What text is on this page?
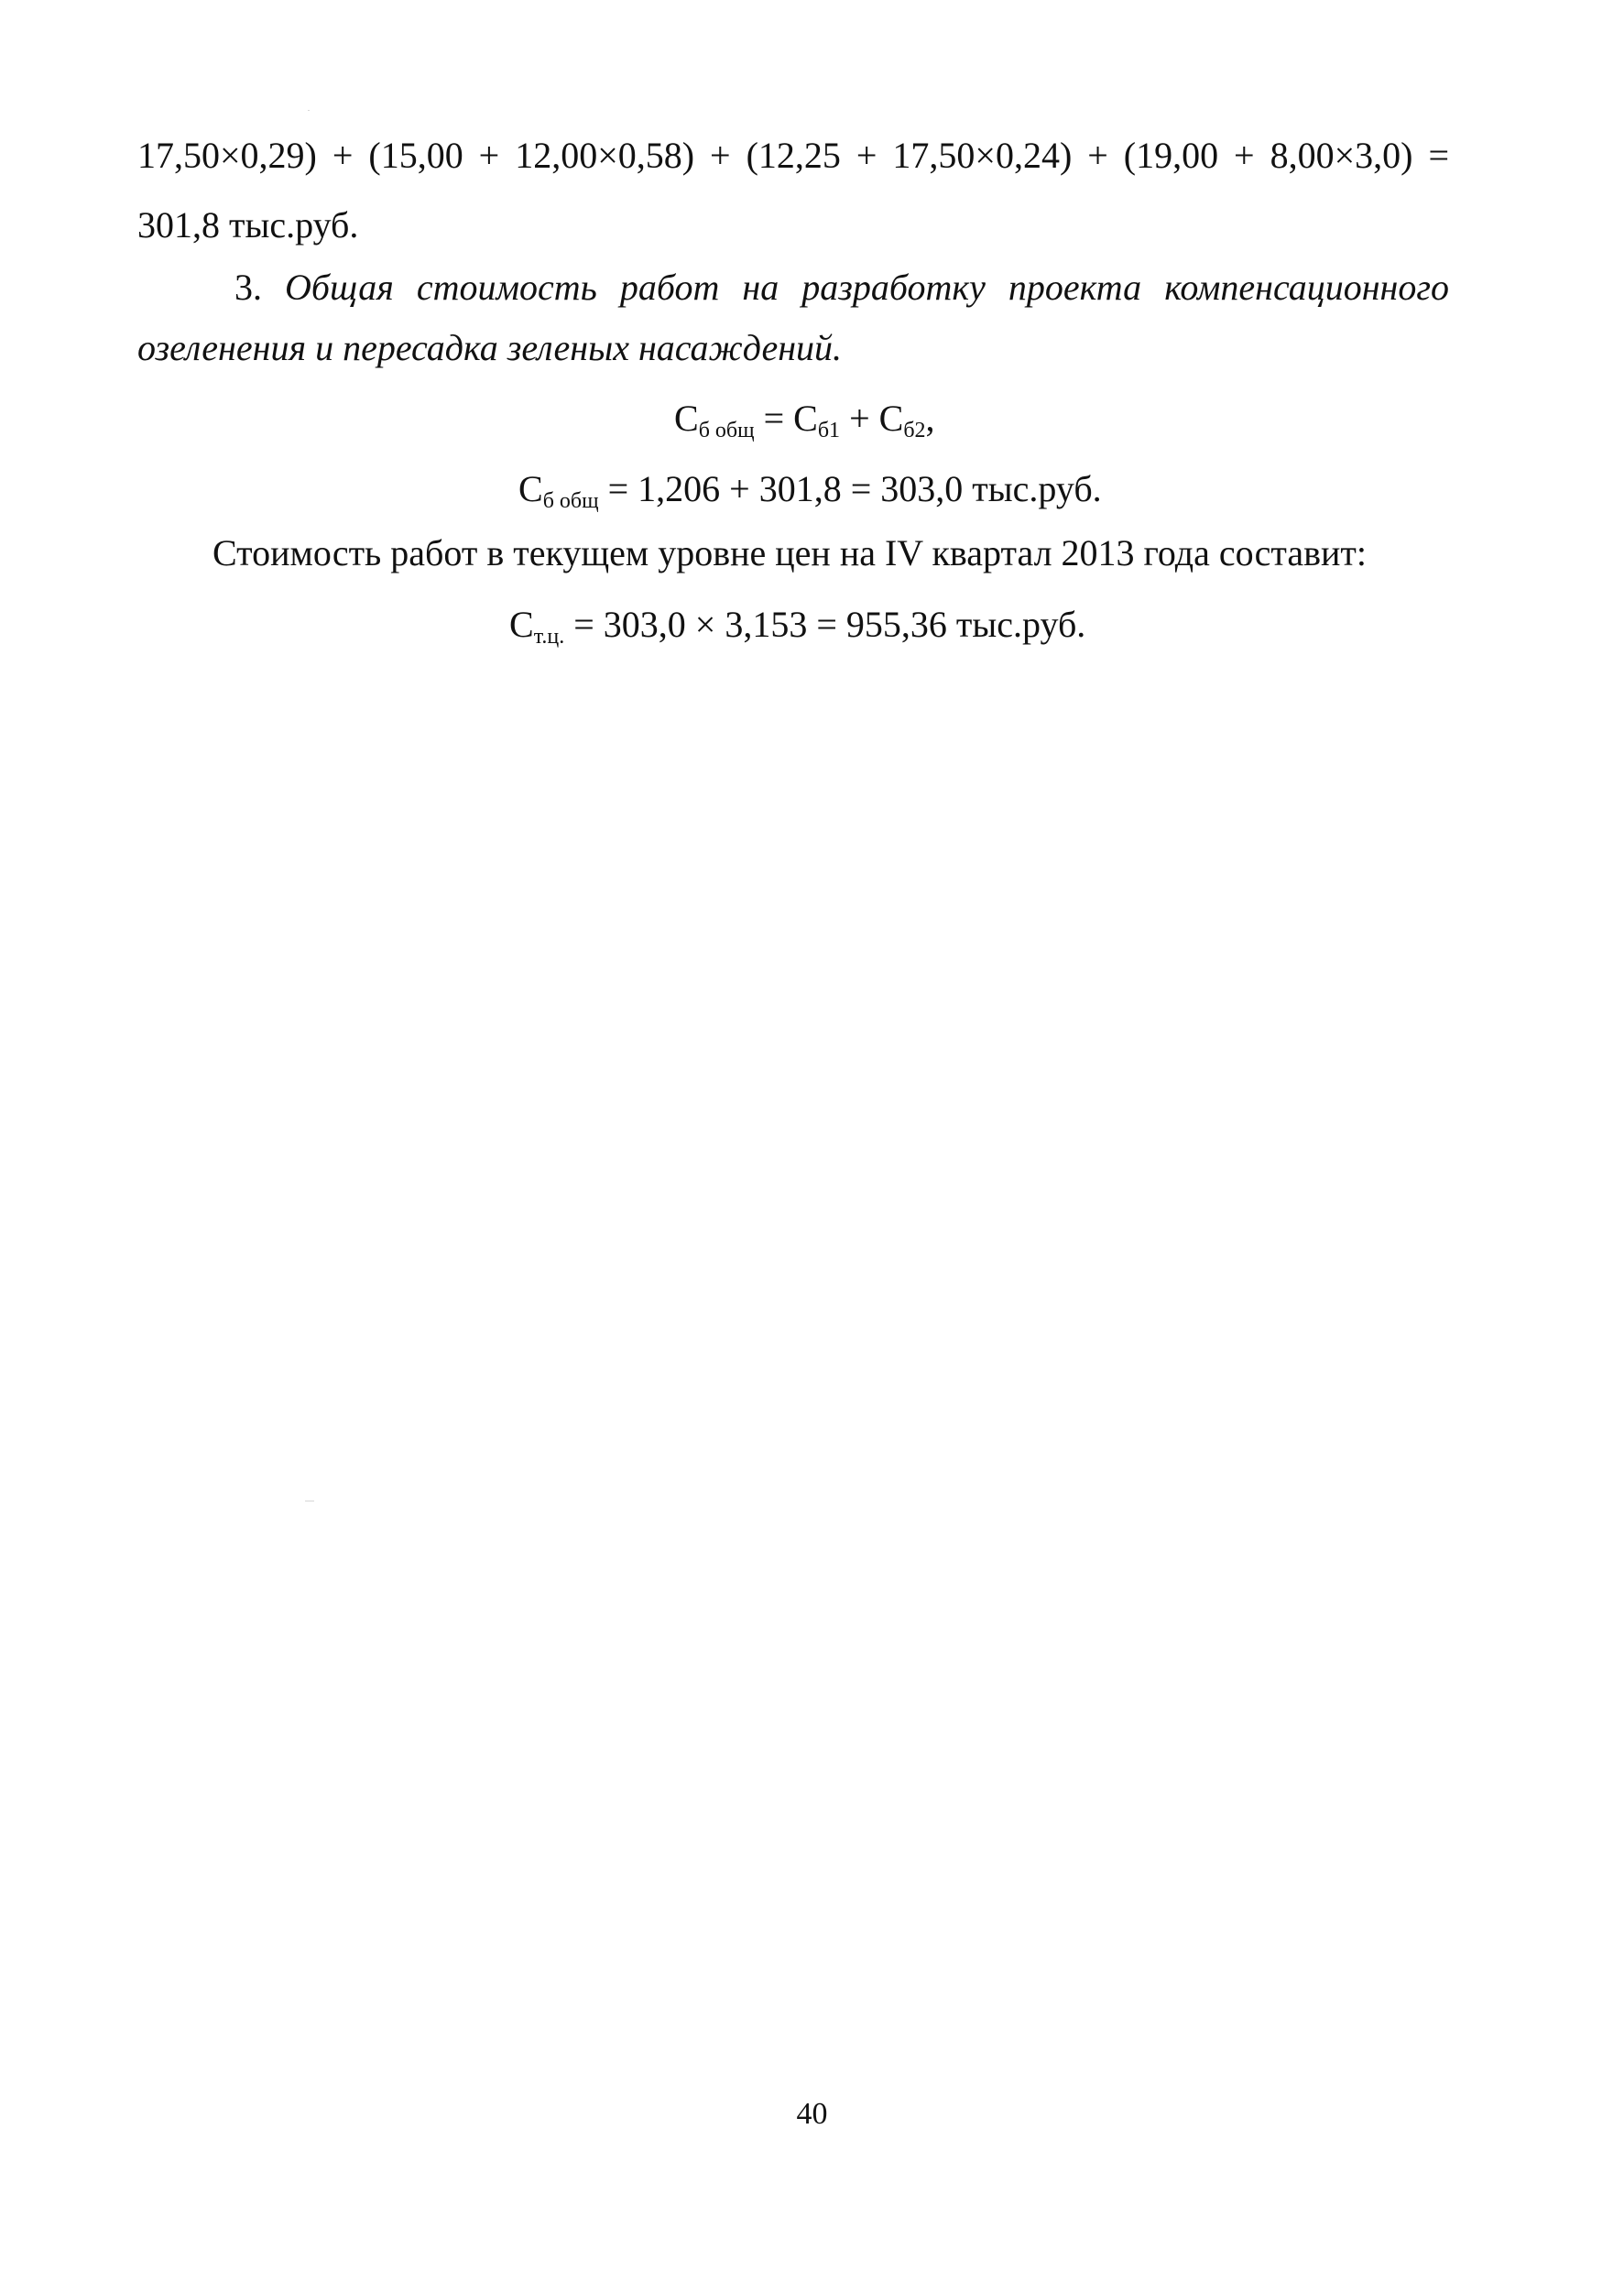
17,50×0,29) + (15,00 + 12,00×0,58) + (12,25 + 17,50×0,24) + (19,00 + 8,00×3,0) =
301,8 тыс.руб.
3. Общая стоимость работ на разработку проекта компенсационного
озеленения и пересадка зеленых насаждений.
$С_{б общ} = С_{б1} + С_{б2}$,
$С_{б общ} = 1,206 + 301,8 = 303,0$ тыс.руб.
Стоимость работ в текущем уровне цен на IV квартал 2013 года составит:
$С_{т.ц.} = 303,0 \times 3,153 = 955,36$ тыс.руб.
40
